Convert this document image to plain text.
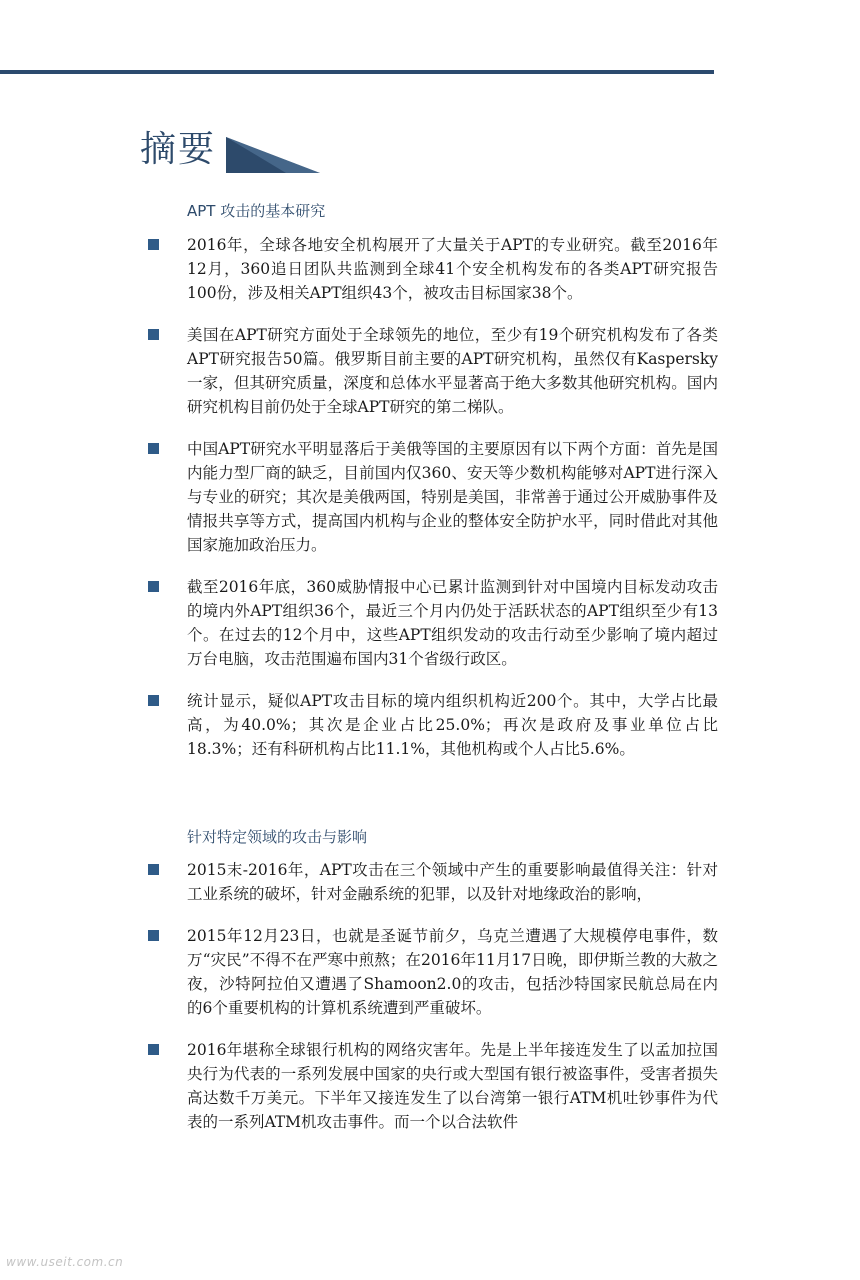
摘要
APT 攻击的基本研究
2016年，全球各地安全机构展开了大量关于APT的专业研究。截至2016年12月，360追日团队共监测到全球41个安全机构发布的各类APT研究报告100份，涉及相关APT组织43个，被攻击目标国家38个。
美国在APT研究方面处于全球领先的地位，至少有19个研究机构发布了各类APT研究报告50篇。俄罗斯目前主要的APT研究机构，虽然仅有Kaspersky一家，但其研究质量，深度和总体水平显著高于绝大多数其他研究机构。国内研究机构目前仍处于全球APT研究的第二梯队。
中国APT研究水平明显落后于美俄等国的主要原因有以下两个方面：首先是国内能力型厂商的缺乏，目前国内仅360、安天等少数机构能够对APT进行深入与专业的研究；其次是美俄两国，特别是美国，非常善于通过公开威胁事件及情报共享等方式，提高国内机构与企业的整体安全防护水平，同时借此对其他国家施加政治压力。
截至2016年底，360威胁情报中心已累计监测到针对中国境内目标发动攻击的境内外APT组织36个，最近三个月内仍处于活跃状态的APT组织至少有13个。在过去的12个月中，这些APT组织发动的攻击行动至少影响了境内超过万台电脑，攻击范围遍布国内31个省级行政区。
统计显示，疑似APT攻击目标的境内组织机构近200个。其中，大学占比最高，为40.0%；其次是企业占比25.0%；再次是政府及事业单位占比18.3%；还有科研机构占比11.1%，其他机构或个人占比5.6%。
针对特定领域的攻击与影响
2015末-2016年，APT攻击在三个领域中产生的重要影响最值得关注：针对工业系统的破坏，针对金融系统的犯罪，以及针对地缘政治的影响，
2015年12月23日，也就是圣诞节前夕，乌克兰遭遇了大规模停电事件，数万“灾民”不得不在严寒中煎熬；在2016年11月17日晚，即伊斯兰教的大赦之夜，沙特阿拉伯又遭遇了Shamoon2.0的攻击，包括沙特国家民航总局在内的6个重要机构的计算机系统遭到严重破坏。
2016年堪称全球银行机构的网络灾害年。先是上半年接连发生了以孟加拉国央行为代表的一系列发展中国家的央行或大型国有银行被盗事件，受害者损失高达数千万美元。下半年又接连发生了以台湾第一银行ATM机吐钞事件为代表的一系列ATM机攻击事件。而一个以合法软件
www.useit.com.cn
